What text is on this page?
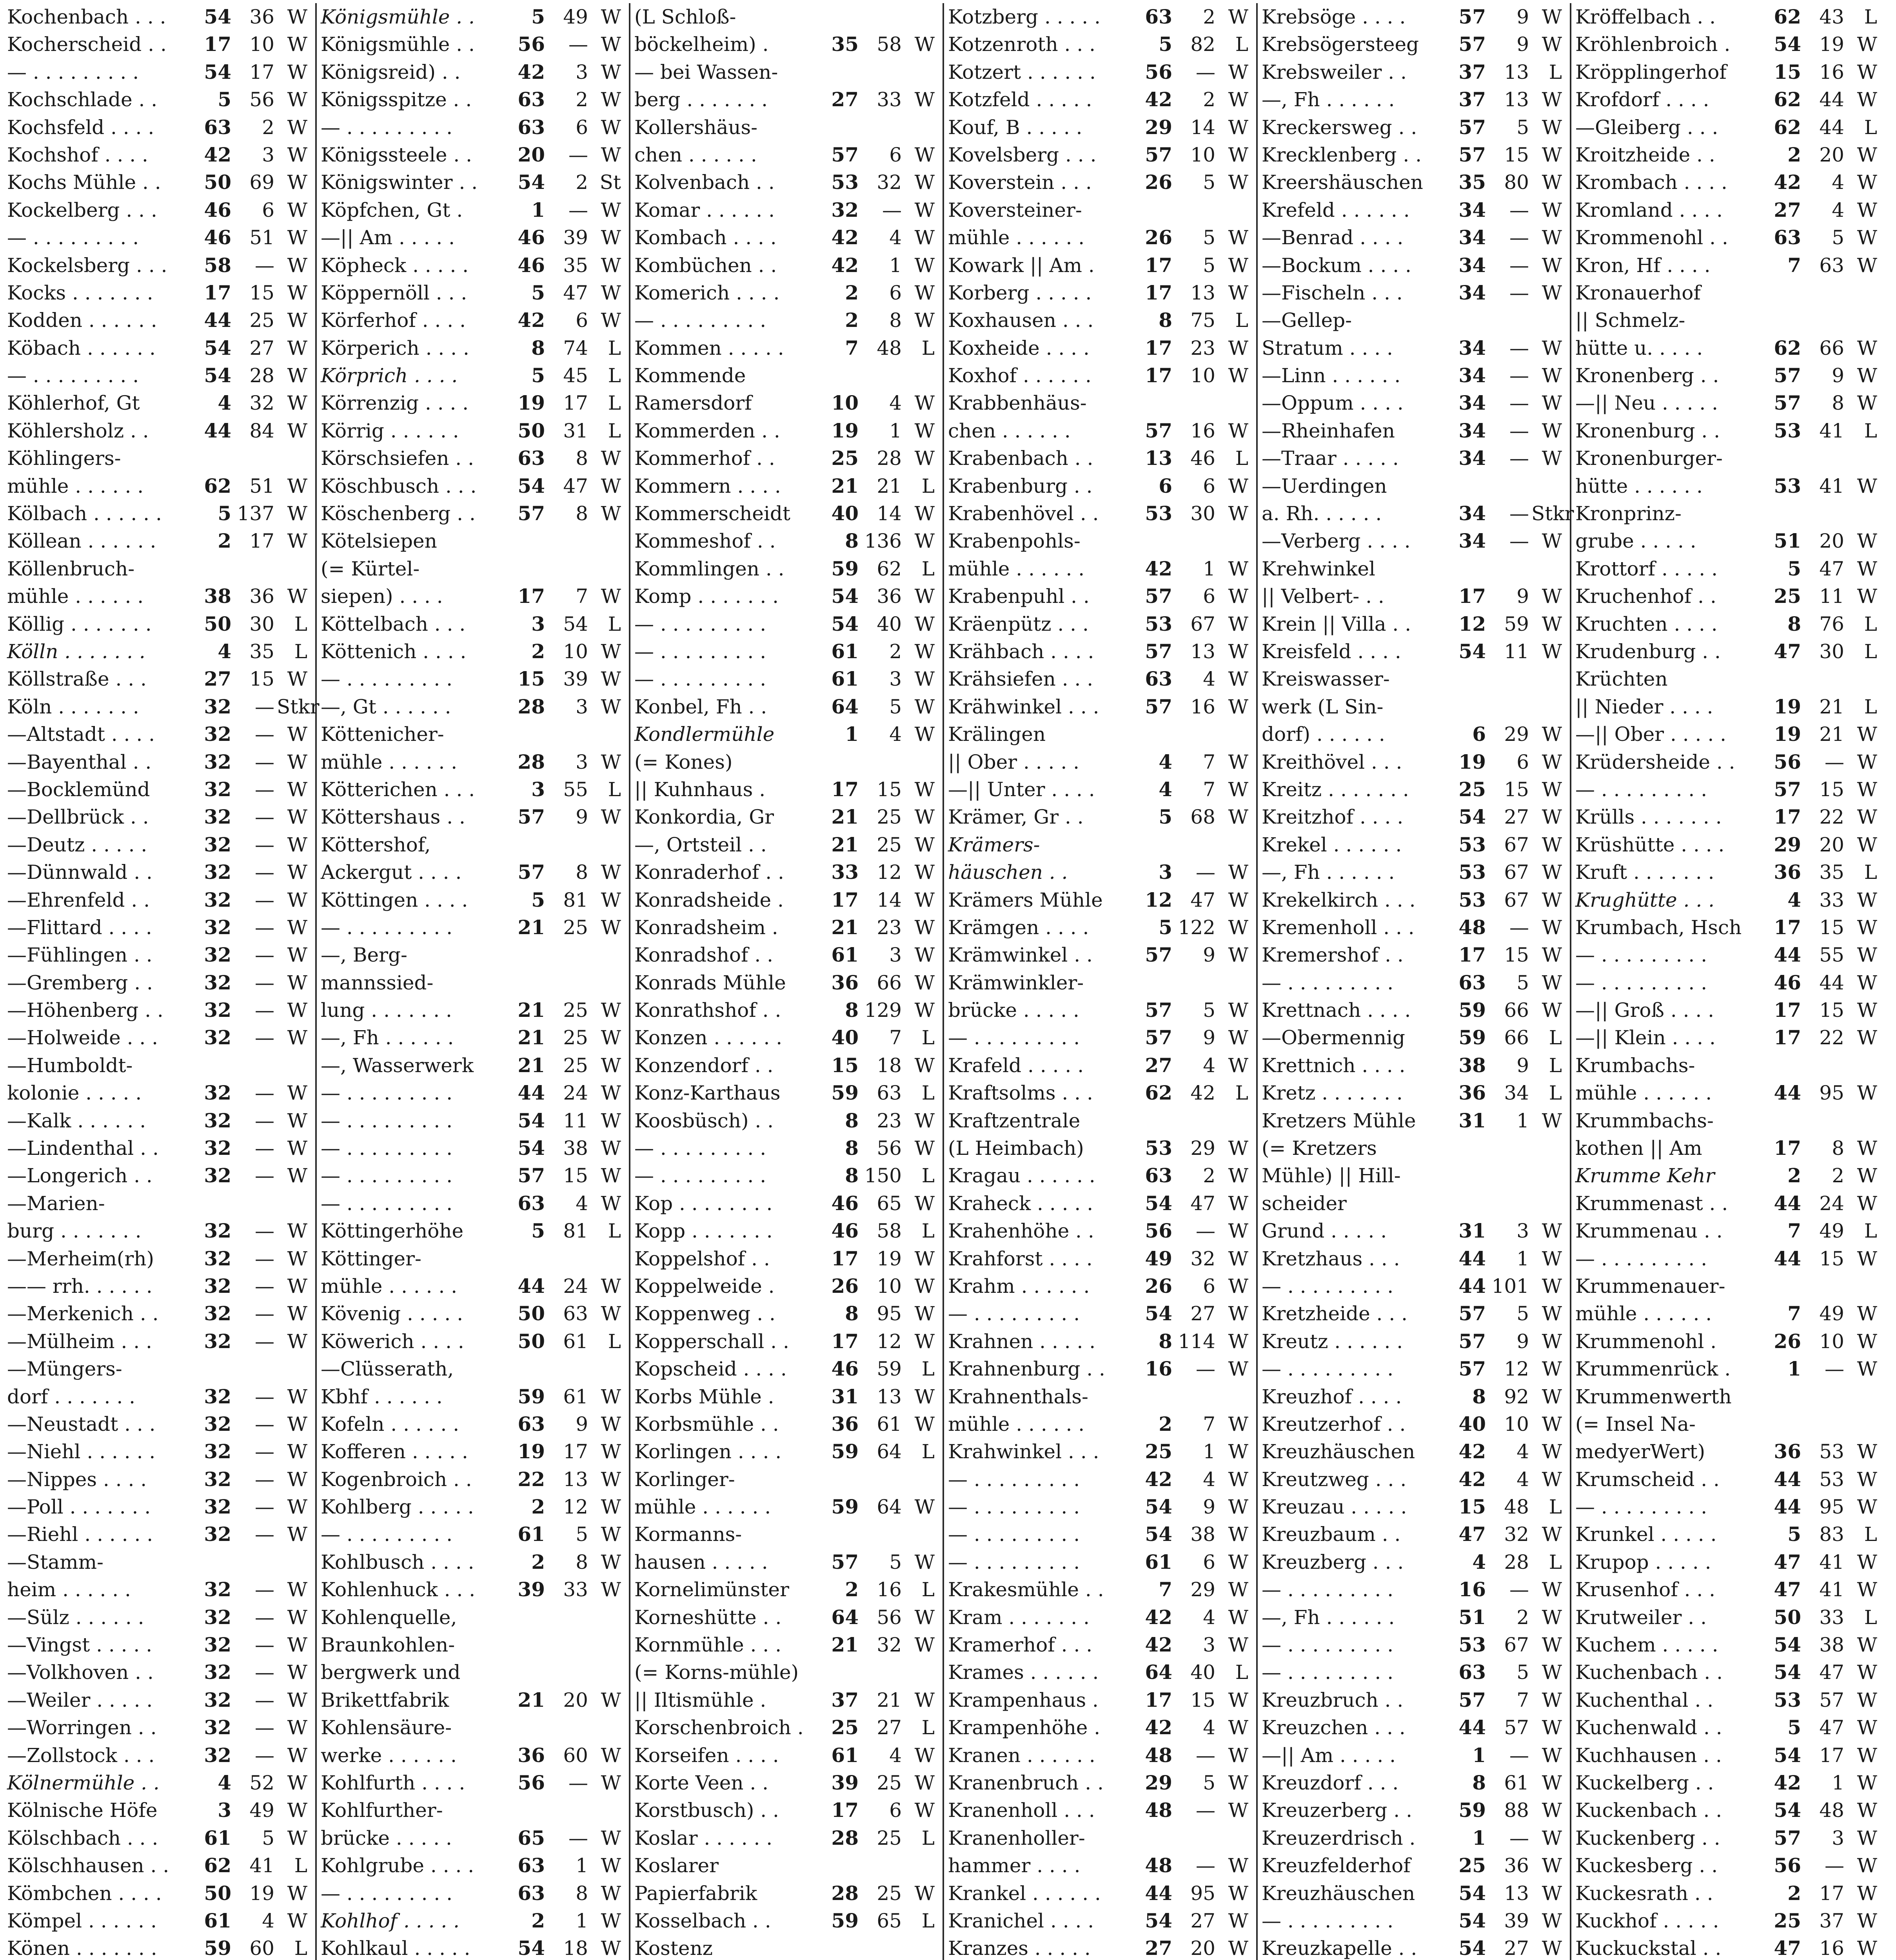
Kochenbach . . .	54 36 W
Kocherscheid . .	17 10 W
— . . . . . . . . .	54 17 W
Kochschlade . .	5 56 W
Kochsfeld . . . .	63	2 W
Kochshof . . . .	42	3 W
Kochs Mühle . .	50 69 W
Kockelberg . . .	46	6 W
— . . . . . . . . .	46 51 W
Kockelsberg . . .	58	— W
Kocks . . . . . . .	17 15 W
Kodden . . . . . .	44 25 W
Köbach . . . . . .	54 27 W
— . . . . . . . . .	54 28 W
Köhlerhof, Gt	4 32 W
Köhlersholz . .	44 84 W
Köhlingers-
mühle . . . . . .	62 51 W
Kölbach . . . . . .	5 137 W
Köllean . . . . . .	2 17 W
Köllenbruch-
mühle . . . . . .	38 36 W
Köllig . . . . . . .	50 30	L
Kölln . . . . . . .	4 35	L
Köllstraße . . .	27 15 W
Köln . . . . . . .	32	— Stkr
—Altstadt . . . .	32	— W
—Bayenthal . .	32	— W
—Bocklemünd	32	— W
—Dellbrück . .	32	— W
—Deutz . . . . .	32	— W
—Dünnwald . .	32	— W
—Ehrenfeld . .	32	— W
—Flittard . . . .	32	— W
—Fühlingen . .	32	— W
—Gremberg . .	32	— W
—Höhenberg . .	32	— W
—Holweide . . .	32	— W
—Humboldt-
kolonie . . . . .	32	— W
—Kalk . . . . . .	32	— W
—Lindenthal . .	32	— W
—Longerich . .	32	— W
—Marien-
burg . . . . . . .	32	— W
—Merheim(rh)	32	— W
—— rrh. . . . . .	32	— W
—Merkenich . .	32	— W
—Mülheim . . .	32	— W
—Müngers-
dorf . . . . . . .	32	— W
—Neustadt . . .	32	— W
—Niehl . . . . . .	32	— W
—Nippes . . . .	32	— W
—Poll . . . . . . .	32	— W
—Riehl . . . . . .	32	— W
—Stamm-
heim . . . . . .	32	— W
—Sülz . . . . . .	32	— W
—Vingst . . . . .	32	— W
—Volkhoven . .	32	— W
—Weiler . . . . .	32	— W
—Worringen . .	32	— W
—Zollstock . . .	32	— W
Kölnermühle . .	4 52 W
Kölnische Höfe	3 49 W
Kölschbach . . .	61	5 W
Kölschhausen . .	62 41	L
Kömbchen . . . .	50 19 W
Kömpel . . . . . .	61	4 W
Könen . . . . . . .	59 60	L
Königsmühle . .	5 49 W
Königsmühle . .	56	— W
Königsreid) . .	42	3 W
Königsspitze . .	63	2 W
— . . . . . . . . .	63	6 W
Königssteele . .	20	— W
Königswinter . .	54	2 St
Köpfchen, Gt .	1	— W
—|| Am . . . . .	46 39 W
Köpheck . . . . .	46 35 W
Köppernöll . . .	5 47 W
Körferhof . . . .	42	6 W
Körperich . . . .	8 74	L
Körprich . . . .	5 45	L
Körrenzig . . . .	19 17	L
Körrig . . . . . .	50 31	L
Körschsiefen . .	63	8 W
Köschbusch . . .	54 47 W
Köschenberg . .	57	8 W
Kötelsiepen
(= Kürtel-
siepen) . . . .	17	7 W
Köttelbach . . .	3 54	L
Köttenich . . . .	2 10 W
— . . . . . . . . .	15 39 W
—, Gt . . . . . .	28	3 W
Köttenicher-
mühle . . . . . .	28	3 W
Kötterichen . . .	3 55	L
Köttershaus . .	57	9 W
Köttershof,
Ackergut . . . .	57	8 W
Köttingen . . . .	5 81 W
— . . . . . . . . .	21 25 W
—, Berg-
mannssied-
lung . . . . . . .	21 25 W
—, Fh . . . . . .	21 25 W
—, Wasserwerk	21 25 W
— . . . . . . . . .	44 24 W
— . . . . . . . . .	54 11 W
— . . . . . . . . .	54 38 W
— . . . . . . . . .	57 15 W
— . . . . . . . . .	63	4 W
Köttingerhöhe	5 81	L
Köttinger-
mühle . . . . . .	44 24 W
Kövenig . . . . .	50 63 W
Köwerich . . . .	50 61	L
—Clüsserath,
Kbhf . . . . . .	59 61 W
Kofeln . . . . . .	63	9 W
Kofferen . . . . .	19 17 W
Kogenbroich . .	22 13 W
Kohlberg . . . . .	2 12 W
— . . . . . . . . .	61	5 W
Kohlbusch . . . .	2	8 W
Kohlenhuck . . .	39 33 W
Kohlenquelle,
Braunkohlen-
bergwerk und
Brikettfabrik	21 20 W
Kohlensäure-
werke . . . . . .	36 60 W
Kohlfurth . . . .	56	— W
Kohlfurther-
brücke . . . . .	65	— W
Kohlgrube . . . .	63	1 W
— . . . . . . . . .	63	8 W
Kohlhof . . . . .	2	1 W
Kohlkaul . . . . .	54 18 W
(L Schloß-
böckelheim) .	35 58 W
— bei Wassen-
berg . . . . . . .	27 33 W
Kollershäus-
chen . . . . . .	57	6 W
Kolvenbach . .	53 32 W
Komar . . . . . .	32	— W
Kombach . . . .	42	4 W
Kombüchen . .	42	1 W
Komerich . . . .	2	6 W
— . . . . . . . . .	2	8 W
Kommen . . . . .	7 48	L
Kommende
Ramersdorf	10	4 W
Kommerden . .	19	1 W
Kommerhof . .	25 28 W
Kommern . . . .	21 21	L
Kommerscheidt	40 14 W
Kommeshof . .	8 136 W
Kommlingen . .	59 62	L
Komp . . . . . . .	54 36 W
— . . . . . . . . .	54 40 W
— . . . . . . . . .	61	2 W
— . . . . . . . . .	61	3 W
Konbel, Fh . .	64	5 W
Kondlermühle	1	4 W
(= Kones)
|| Kuhnhaus .	17 15 W
Konkordia, Gr	21 25 W
—, Ortsteil . .	21 25 W
Konraderhof . .	33 12 W
Konradsheide .	17 14 W
Konradsheim .	21 23 W
Konradshof . .	61	3 W
Konrads Mühle	36 66 W
Konrathshof . .	8 129 W
Konzen . . . . . .	40	7	L
Konzendorf . .	15 18 W
Konz-Karthaus	59 63	L
Koosbüsch) . .	8 23 W
— . . . . . . . . .	8 56 W
— . . . . . . . . .	8 150	L
Kop . . . . . . . .	46 65 W
Kopp . . . . . . .	46 58	L
Koppelshof . .	17 19 W
Koppelweide .	26 10 W
Koppenweg . .	8 95 W
Kopperschall . .	17 12 W
Kopscheid . . . .	46 59	L
Korbs Mühle .	31 13 W
Korbsmühle . .	36 61 W
Korlingen . . . .	59 64	L
Korlinger-
mühle . . . . . .	59 64 W
Kormanns-
hausen . . . . .	57	5 W
Kornelimünster	2 16	L
Korneshütte . .	64 56 W
Kornmühle . . .	21 32 W
(= Korns-mühle)
|| Iltismühle .	37 21 W
Korschenbroich .	25 27	L
Korseifen . . . .	61	4 W
Korte Veen . .	39 25 W
Korstbusch) . .	17	6 W
Koslar . . . . . .	28 25	L
Koslarer
Papierfabrik	28 25 W
Kosselbach . .	59 65	L
Kostenz
Kotzberg . . . . .	63	2 W
Kotzenroth . . .	5 82	L
Kotzert . . . . . .	56	— W
Kotzfeld . . . . .	42	2 W
Kouf, B . . . . .	29 14 W
Kovelsberg . . .	57 10 W
Koverstein . . .	26	5 W
Koversteiner-
mühle . . . . . .	26	5 W
Kowark || Am .	17	5 W
Korberg . . . . .	17 13 W
Koxhausen . . .	8 75	L
Koxheide . . . .	17 23 W
Koxhof . . . . . .	17 10 W
Krabbenhäus-
chen . . . . . .	57 16 W
Krabenbach . .	13 46	L
Krabenburg . .	6	6 W
Krabenhövel . .	53 30 W
Krabenpohls-
mühle . . . . . .	42	1 W
Krabenpuhl . .	57	6 W
Kräenpütz . . .	53 67 W
Krähbach . . . .	57 13 W
Krähsiefen . . .	63	4 W
Krähwinkel . . .	57 16 W
Krälingen
|| Ober . . . . .	4	7 W
—|| Unter . . . .	4	7 W
Krämer, Gr . .	5 68 W
Krämers-
häuschen . .	3	— W
Krämers Mühle	12 47 W
Krämgen . . . .	5 122 W
Krämwinkel . .	57	9 W
Krämwinkler-
brücke . . . . .	57	5 W
— . . . . . . . . .	57	9 W
Krafeld . . . . .	27	4 W
Kraftsolms . . .	62 42	L
Kraftzentrale
(L Heimbach)	53 29 W
Kragau . . . . . .	63	2 W
Kraheck . . . . .	54 47 W
Krahenhöhe . .	56	— W
Krahforst . . . .	49 32 W
Krahm . . . . . .	26	6 W
— . . . . . . . . .	54 27 W
Krahnen . . . . .	8 114 W
Krahnenburg . .	16	— W
Krahnenthals-
mühle . . . . . .	2	7 W
Krahwinkel . . .	25	1 W
— . . . . . . . . .	42	4 W
— . . . . . . . . .	54	9 W
— . . . . . . . . .	54 38 W
— . . . . . . . . .	61	6 W
Krakesmühle . .	7 29 W
Kram . . . . . . .	42	4 W
Kramerhof . . .	42	3 W
Krames . . . . . .	64 40	L
Krampenhaus .	17 15 W
Krampenhöhe .	42	4 W
Kranen . . . . . .	48	— W
Kranenbruch . .	29	5 W
Kranenholl . . .	48	— W
Kranenholler-
hammer . . . .	48	— W
Krankel . . . . . .	44 95 W
Kranichel . . . .	54 27 W
Kranzes . . . . .	27 20 W
Krebsöge . . . .	57	9 W
Krebsögersteeg	57	9 W
Krebsweiler . .	37 13	L
—, Fh . . . . . .	37 13 W
Kreckersweg . .	57	5 W
Krecklenberg . .	57 15 W
Kreershäuschen	35 80 W
Krefeld . . . . . .	34	— W
—Benrad . . . .	34	— W
—Bockum . . . .	34	— W
—Fischeln . . .	34	— W
—Gellep-
Stratum . . . .	34	— W
—Linn . . . . . .	34	— W
—Oppum . . . .	34	— W
—Rheinhafen	34	— W
—Traar . . . . .	34	— W
—Uerdingen
a. Rh. . . . . .	34	— Stkr
—Verberg . . . .	34	— W
Krehwinkel
|| Velbert- . .	17	9 W
Krein || Villa . .	12 59 W
Kreisfeld . . . .	54 11 W
Kreiswasser-
werk (L Sin-
dorf) . . . . . .	6 29 W
Kreithövel . . .	19	6 W
Kreitz . . . . . . .	25 15 W
Kreitzhof . . . .	54 27 W
Krekel . . . . . .	53 67 W
—, Fh . . . . . .	53 67 W
Krekelkirch . . .	53 67 W
Kremenholl . . .	48	— W
Kremershof . .	17 15 W
— . . . . . . . . .	63	5 W
Krettnach . . . .	59 66 W
—Obermennig	59 66	L
Krettnich . . . .	38	9	L
Kretz . . . . . . .	36 34	L
Kretzers Mühle	31	1 W
(= Kretzers
Mühle) || Hill-
scheider
Grund . . . . .	31	3 W
Kretzhaus . . .	44	1 W
— . . . . . . . . .	44 101 W
Kretzheide . . .	57	5 W
Kreutz . . . . . .	57	9 W
— . . . . . . . . .	57 12 W
Kreuzhof . . . .	8 92 W
Kreutzerhof . .	40 10 W
Kreuzhäuschen	42	4 W
Kreutzweg . . .	42	4 W
Kreuzau . . . . .	15 48	L
Kreuzbaum . .	47 32 W
Kreuzberg . . .	4 28	L
— . . . . . . . . .	16	— W
—, Fh . . . . . .	51	2 W
— . . . . . . . . .	53 67 W
— . . . . . . . . .	63	5 W
Kreuzbruch . .	57	7 W
Kreuzchen . . .	44 57 W
—|| Am . . . . .	1	— W
Kreuzdorf . . .	8 61 W
Kreuzerberg . .	59 88 W
Kreuzerdrisch .	1	— W
Kreuzfelderhof	25 36 W
Kreuzhäuschen	54 13 W
— . . . . . . . . .	54 39 W
Kreuzkapelle . .	54 27 W
Kröffelbach . .	62 43	L
Kröhlenbroich .	54 19 W
Kröpplingerhof	15 16 W
Krofdorf . . . .	62 44 W
—Gleiberg . . .	62 44	L
Kroitzheide . .	2 20 W
Krombach . . . .	42	4 W
Kromland . . . .	27	4 W
Krommenohl . .	63	5 W
Kron, Hf . . . .	7 63 W
Kronauerhof
|| Schmelz-
hütte u. . . . .	62 66 W
Kronenberg . .	57	9 W
—|| Neu . . . . .	57	8 W
Kronenburg . .	53 41	L
Kronenburger-
hütte . . . . . .	53 41 W
Kronprinz-
grube . . . . .	51 20 W
Krottorf . . . . .	5 47 W
Kruchenhof . .	25 11 W
Kruchten . . . .	8 76	L
Krudenburg . .	47 30	L
Krüchten
|| Nieder . . . .	19 21	L
—|| Ober . . . . .	19 21 W
Krüdersheide . .	56	— W
— . . . . . . . . .	57 15 W
Krülls . . . . . . .	17 22 W
Krüshütte . . . .	29 20 W
Kruft . . . . . . .	36 35	L
Krughütte . . .	4 33 W
Krumbach, Hsch	17 15 W
— . . . . . . . . .	44 55 W
— . . . . . . . . .	46 44 W
—|| Groß . . . .	17 15 W
—|| Klein . . . .	17 22 W
Krumbachs-
mühle . . . . . .	44 95 W
Krummbachs-
kothen || Am	17	8 W
Krumme Kehr	2	2 W
Krummenast . .	44 24 W
Krummenau . .	7 49	L
— . . . . . . . . .	44 15 W
Krummenauer-
mühle . . . . . .	7 49 W
Krummenohl .	26 10 W
Krummenrück .	1	— W
Krummenwerth
(= Insel Na-
medyerWert)	36 53 W
Krumscheid . .	44 53 W
— . . . . . . . . .	44 95 W
Krunkel . . . . .	5 83	L
Krupop . . . . .	47 41 W
Krusenhof . . .	47 41 W
Krutweiler . .	50 33	L
Kuchem . . . . .	54 38 W
Kuchenbach . .	54 47 W
Kuchenthal . .	53 57 W
Kuchenwald . .	5 47 W
Kuchhausen . .	54 17 W
Kuckelberg . .	42	1 W
Kuckenbach . .	54 48 W
Kuckenberg . .	57	3 W
Kuckesberg . .	56	— W
Kuckesrath . .	2 17 W
Kuckhof . . . . .	25 37 W
Kuckuckstal . .	47 16 W
